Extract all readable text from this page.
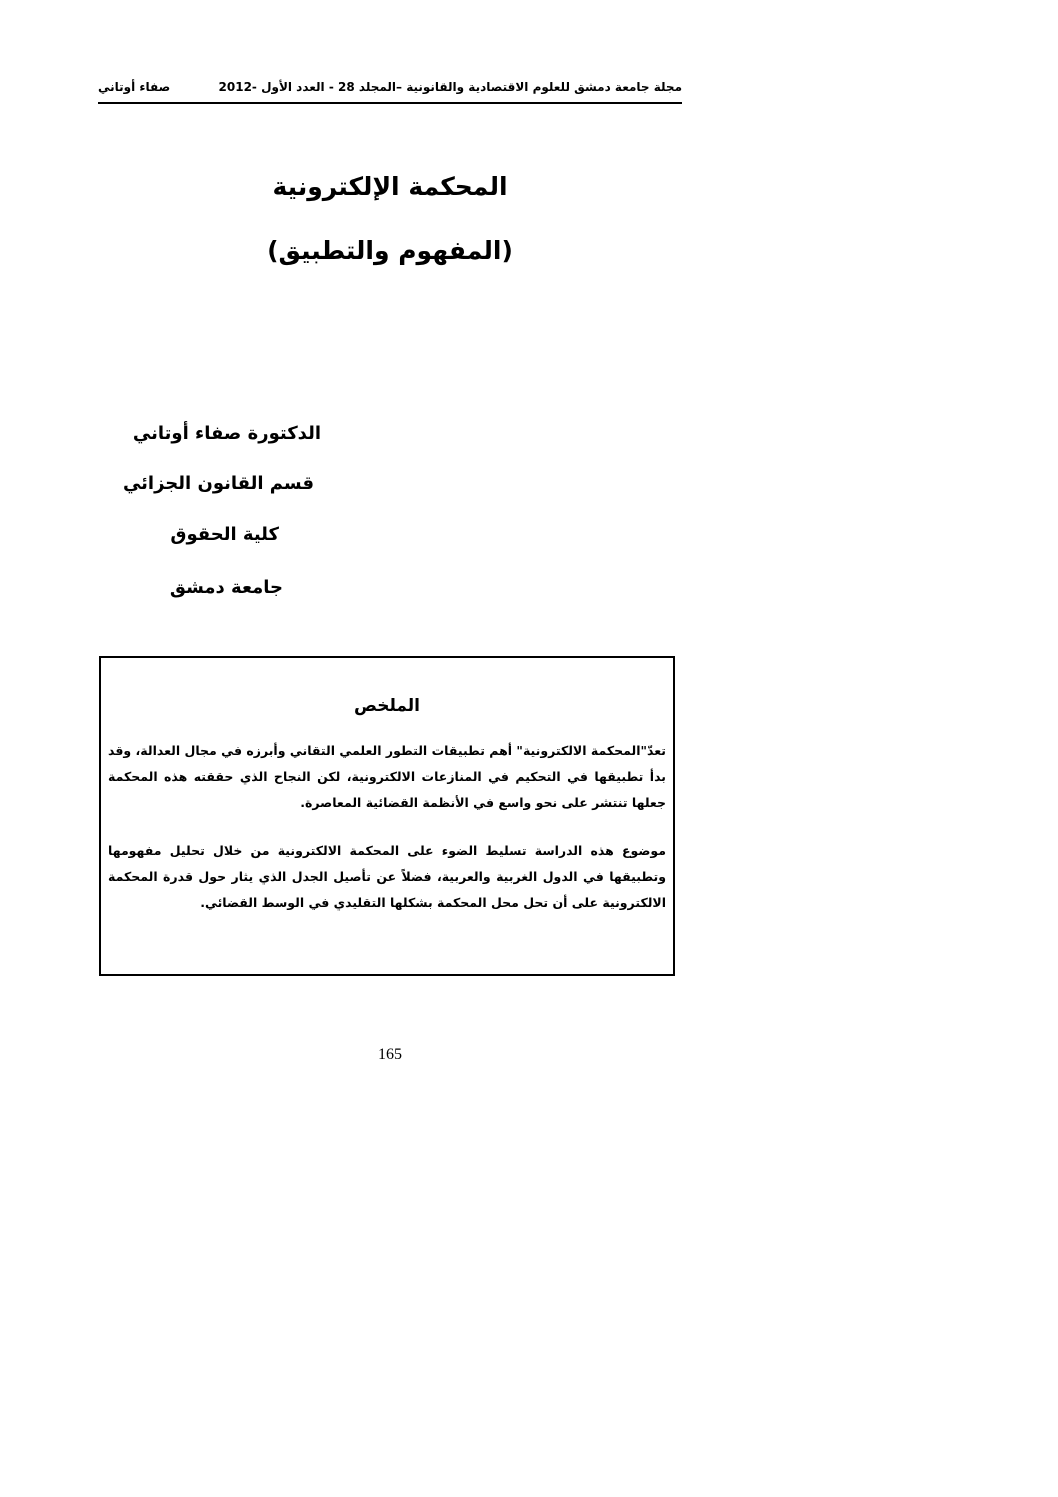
مجلة جامعة دمشق للعلوم الاقتصادية والقانونية –المجلد 28 - العدد الأول -2012
صفاء أوتاني
المحكمة الإلكترونية
(المفهوم والتطبيق)
الدكتورة صفاء أوتاني
قسم القانون الجزائي
كلية الحقوق
جامعة دمشق
الملخص
تعدّ"المحكمة الالكترونية" أهم تطبيقات التطور العلمي التقاني وأبرزه في مجال العدالة، وقد بدأ تطبيقها في التحكيم في المنازعات الالكترونية، لكن النجاح الذي حققته هذه المحكمة جعلها تنتشر على نحو واسع في الأنظمة القضائية المعاصرة.
موضوع هذه الدراسة تسليط الضوء على المحكمة الالكترونية من خلال تحليل مفهومها وتطبيقها في الدول الغربية والعربية، فضلاً عن تأصيل الجدل الذي يثار حول قدرة المحكمة الالكترونية على أن تحل محل المحكمة بشكلها التقليدي في الوسط القضائي.
165
